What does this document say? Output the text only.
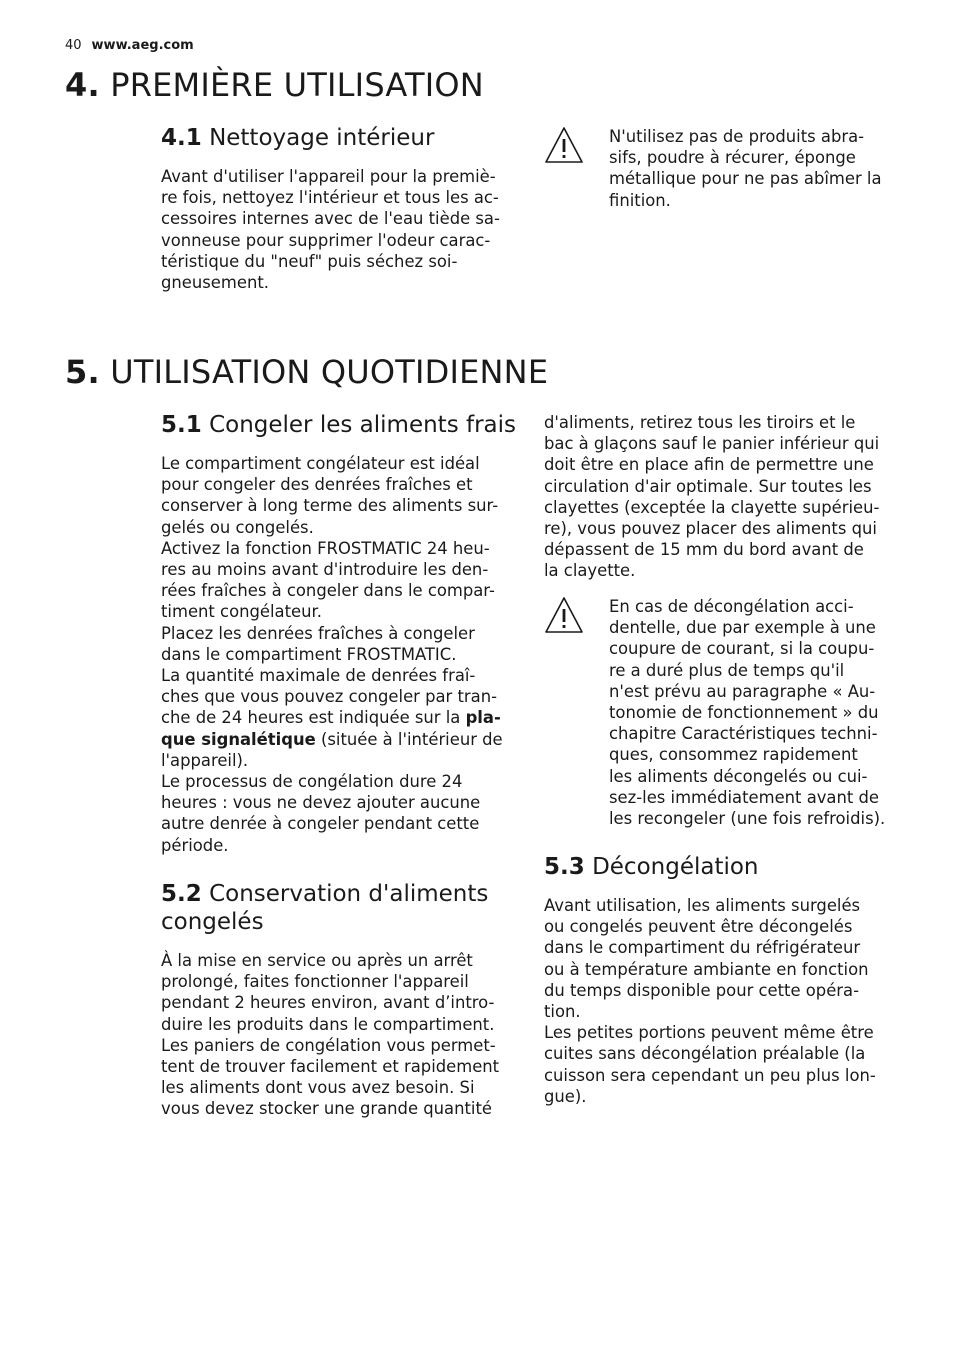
40 www.aeg.com
4. PREMIÈRE UTILISATION
4.1 Nettoyage intérieur

Avant d'utiliser l'appareil pour la premiè-
re fois, nettoyez l'intérieur et tous les ac-
cessoires internes avec de l'eau tiède sa-
vonneuse pour supprimer l'odeur carac-
téristique du "neuf" puis séchez soi-
gneusement.

N'utilisez pas de produits abra-
sifs, poudre à récurer, éponge
métallique pour ne pas abîmer la
finition.

5. UTILISATION QUOTIDIENNE
5.1 Congeler les aliments frais

Le compartiment congélateur est idéal
pour congeler des denrées fraîches et
conserver à long terme des aliments sur-
gelés ou congelés.
Activez la fonction FROSTMATIC 24 heu-
res au moins avant d'introduire les den-
rées fraîches à congeler dans le compar-
timent congélateur.
Placez les denrées fraîches à congeler
dans le compartiment FROSTMATIC.
La quantité maximale de denrées fraî-
ches que vous pouvez congeler par tran-
che de 24 heures est indiquée sur la pla-
que signalétique (située à l'intérieur de
l'appareil).
Le processus de congélation dure 24
heures : vous ne devez ajouter aucune
autre denrée à congeler pendant cette
période.

5.2 Conservation d'aliments
congelés

À la mise en service ou après un arrêt
prolongé, faites fonctionner l'appareil
pendant 2 heures environ, avant d’intro-
duire les produits dans le compartiment.
Les paniers de congélation vous permet-
tent de trouver facilement et rapidement
les aliments dont vous avez besoin. Si
vous devez stocker une grande quantité

d'aliments, retirez tous les tiroirs et le
bac à glaçons sauf le panier inférieur qui
doit être en place afin de permettre une
circulation d'air optimale. Sur toutes les
clayettes (exceptée la clayette supérieu-
re), vous pouvez placer des aliments qui
dépassent de 15 mm du bord avant de
la clayette.

En cas de décongélation acci-
dentelle, due par exemple à une
coupure de courant, si la coupu-
re a duré plus de temps qu'il
n'est prévu au paragraphe « Au-
tonomie de fonctionnement » du
chapitre Caractéristiques techni-
ques, consommez rapidement
les aliments décongelés ou cui-
sez-les immédiatement avant de
les recongeler (une fois refroidis).

5.3 Décongélation

Avant utilisation, les aliments surgelés
ou congelés peuvent être décongelés
dans le compartiment du réfrigérateur
ou à température ambiante en fonction
du temps disponible pour cette opéra-
tion.
Les petites portions peuvent même être
cuites sans décongélation préalable (la
cuisson sera cependant un peu plus lon-
gue).
